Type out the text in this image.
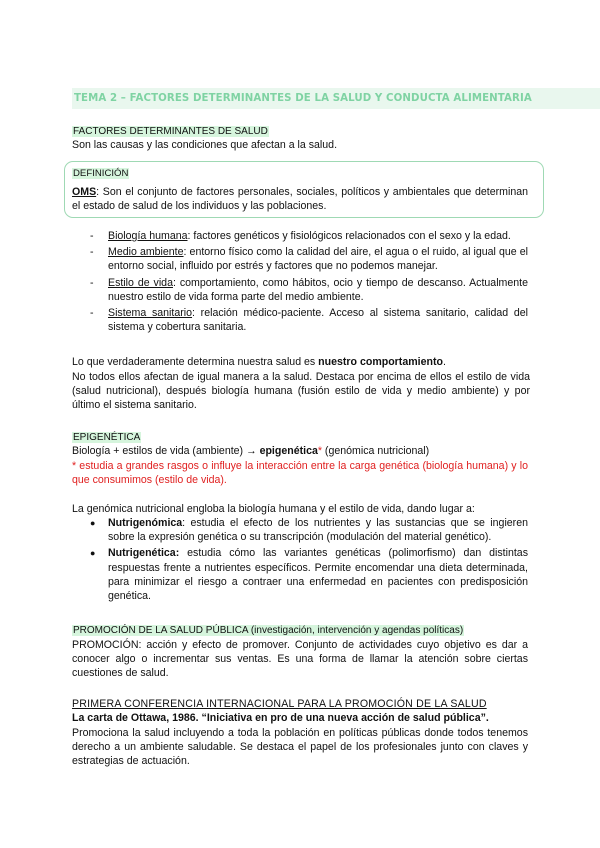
TEMA 2 – FACTORES DETERMINANTES DE LA SALUD Y CONDUCTA ALIMENTARIA
FACTORES DETERMINANTES DE SALUD
Son las causas y las condiciones que afectan a la salud.
DEFINICIÓN
OMS: Son el conjunto de factores personales, sociales, políticos y ambientales que determinan el estado de salud de los individuos y las poblaciones.
- Biología humana: factores genéticos y fisiológicos relacionados con el sexo y la edad.
- Medio ambiente: entorno físico como la calidad del aire, el agua o el ruido, al igual que el entorno social, influido por estrés y factores que no podemos manejar.
- Estilo de vida: comportamiento, como hábitos, ocio y tiempo de descanso. Actualmente nuestro estilo de vida forma parte del medio ambiente.
- Sistema sanitario: relación médico-paciente. Acceso al sistema sanitario, calidad del sistema y cobertura sanitaria.
Lo que verdaderamente determina nuestra salud es nuestro comportamiento.
No todos ellos afectan de igual manera a la salud. Destaca por encima de ellos el estilo de vida (salud nutricional), después biología humana (fusión estilo de vida y medio ambiente) y por último el sistema sanitario.
EPIGENÉTICA
Biología + estilos de vida (ambiente) → epigenética* (genómica nutricional)
* estudia a grandes rasgos o influye la interacción entre la carga genética (biología humana) y lo que consumimos (estilo de vida).
La genómica nutricional engloba la biología humana y el estilo de vida, dando lugar a:
● Nutrigenómica: estudia el efecto de los nutrientes y las sustancias que se ingieren sobre la expresión genética o su transcripción (modulación del material genético).
● Nutrigenética: estudia cómo las variantes genéticas (polimorfismo) dan distintas respuestas frente a nutrientes específicos. Permite encomendar una dieta determinada, para minimizar el riesgo a contraer una enfermedad en pacientes con predisposición genética.
PROMOCIÓN DE LA SALUD PÚBLICA (investigación, intervención y agendas políticas)
PROMOCIÓN: acción y efecto de promover. Conjunto de actividades cuyo objetivo es dar a conocer algo o incrementar sus ventas. Es una forma de llamar la atención sobre ciertas cuestiones de salud.
PRIMERA CONFERENCIA INTERNACIONAL PARA LA PROMOCIÓN DE LA SALUD
La carta de Ottawa, 1986. “Iniciativa en pro de una nueva acción de salud pública”.
Promociona la salud incluyendo a toda la población en políticas públicas donde todos tenemos derecho a un ambiente saludable. Se destaca el papel de los profesionales junto con claves y estrategias de actuación.
